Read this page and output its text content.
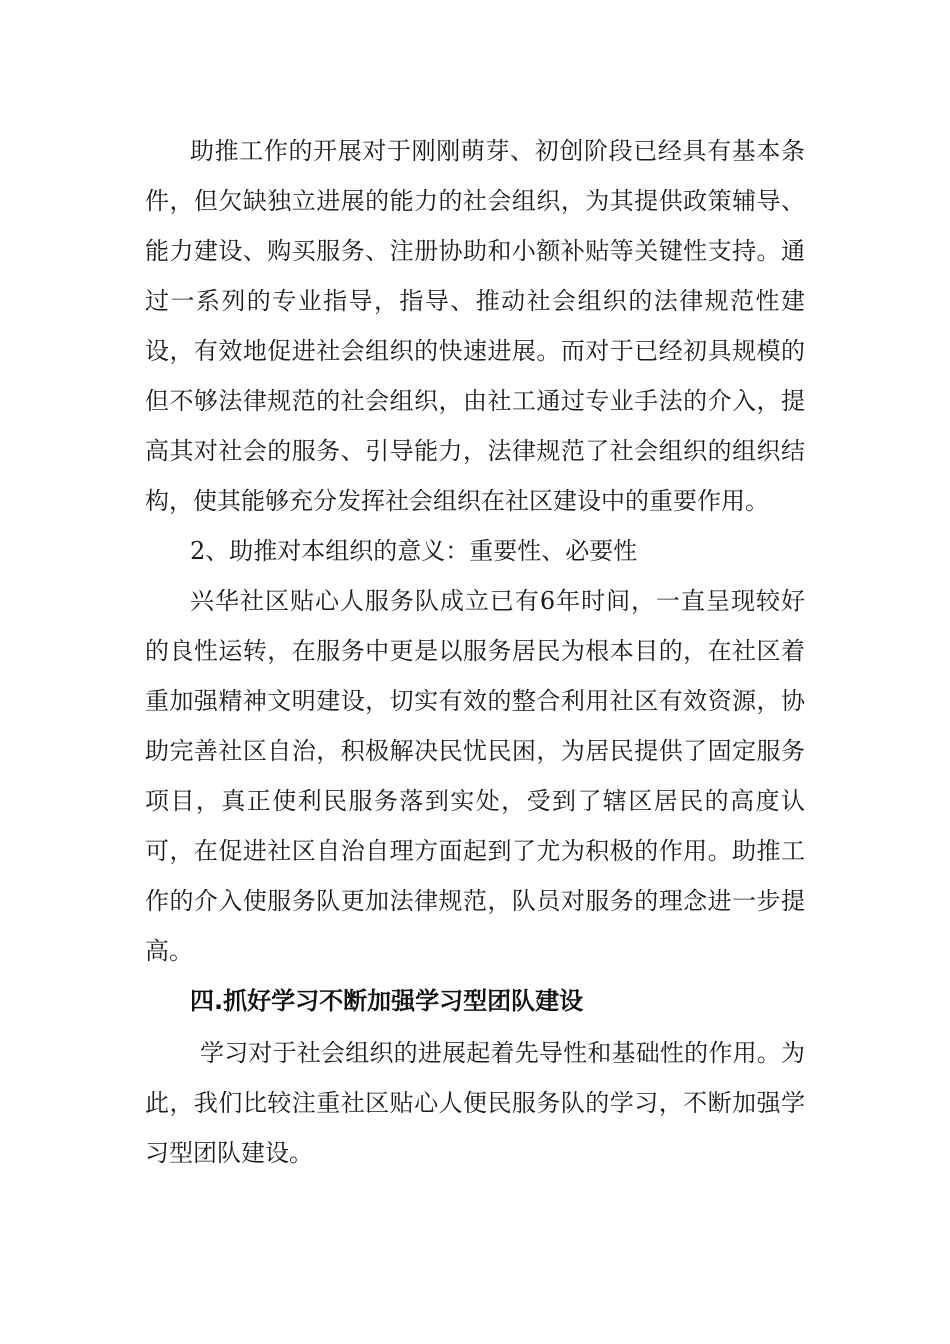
助推工作的开展对于刚刚萌芽、初创阶段已经具有基本条

件，但欠缺独立进展的能力的社会组织，为其提供政策辅导、

能力建设、购买服务、注册协助和小额补贴等关键性支持。通

过一系列的专业指导，指导、推动社会组织的法律规范性建

设，有效地促进社会组织的快速进展。而对于已经初具规模的

但不够法律规范的社会组织，由社工通过专业手法的介入，提

高其对社会的服务、引导能力，法律规范了社会组织的组织结

构，使其能够充分发挥社会组织在社区建设中的重要作用。

2、助推对本组织的意义：重要性、必要性

兴华社区贴心人服务队成立已有6年时间，一直呈现较好

的良性运转，在服务中更是以服务居民为根本目的，在社区着

重加强精神文明建设，切实有效的整合利用社区有效资源，协

助完善社区自治，积极解决民忧民困，为居民提供了固定服务

项目，真正使利民服务落到实处，受到了辖区居民的高度认

可，在促进社区自治自理方面起到了尤为积极的作用。助推工

作的介入使服务队更加法律规范，队员对服务的理念进一步提

高。

四.抓好学习不断加强学习型团队建设

学习对于社会组织的进展起着先导性和基础性的作用。为

此，我们比较注重社区贴心人便民服务队的学习，不断加强学

习型团队建设。
